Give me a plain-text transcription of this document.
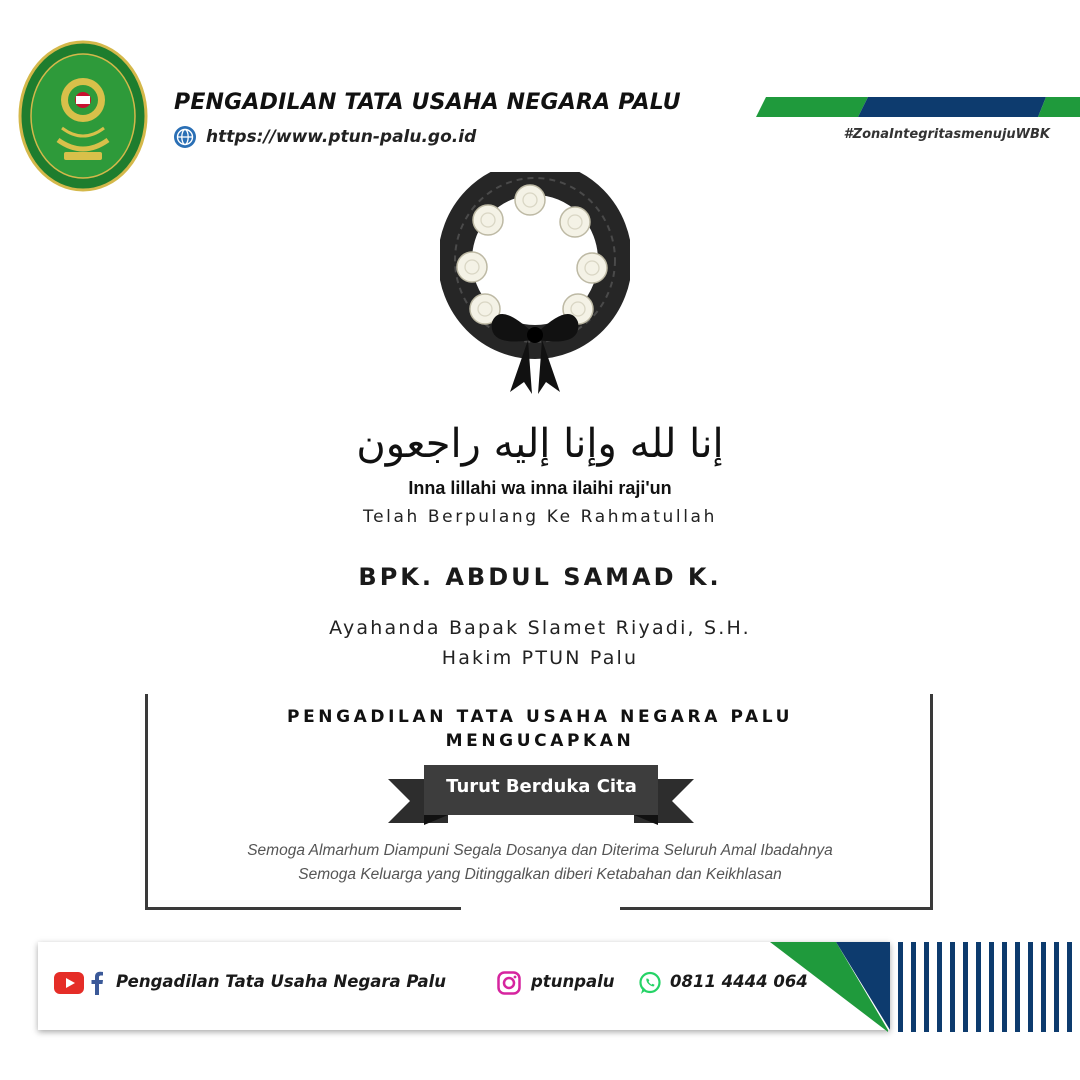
PENGADILAN TATA USAHA NEGARA PALU
https://www.ptun-palu.go.id	#ZonaIntegritasmenujuWBK
إنا لله وإنا إليه راجعون
Inna lillahi wa inna ilaihi raji'un
Telah Berpulang Ke Rahmatullah
BPK. ABDUL SAMAD K.
Ayahanda Bapak Slamet Riyadi, S.H.
Hakim PTUN Palu
PENGADILAN TATA USAHA NEGARA PALU
MENGUCAPKAN
Turut Berduka Cita
Semoga Almarhum Diampuni Segala Dosanya dan Diterima Seluruh Amal Ibadahnya
Semoga Keluarga yang Ditinggalkan diberi Ketabahan dan Keikhlasan
Pengadilan Tata Usaha Negara Palu	ptunpalu	0811 4444 064
